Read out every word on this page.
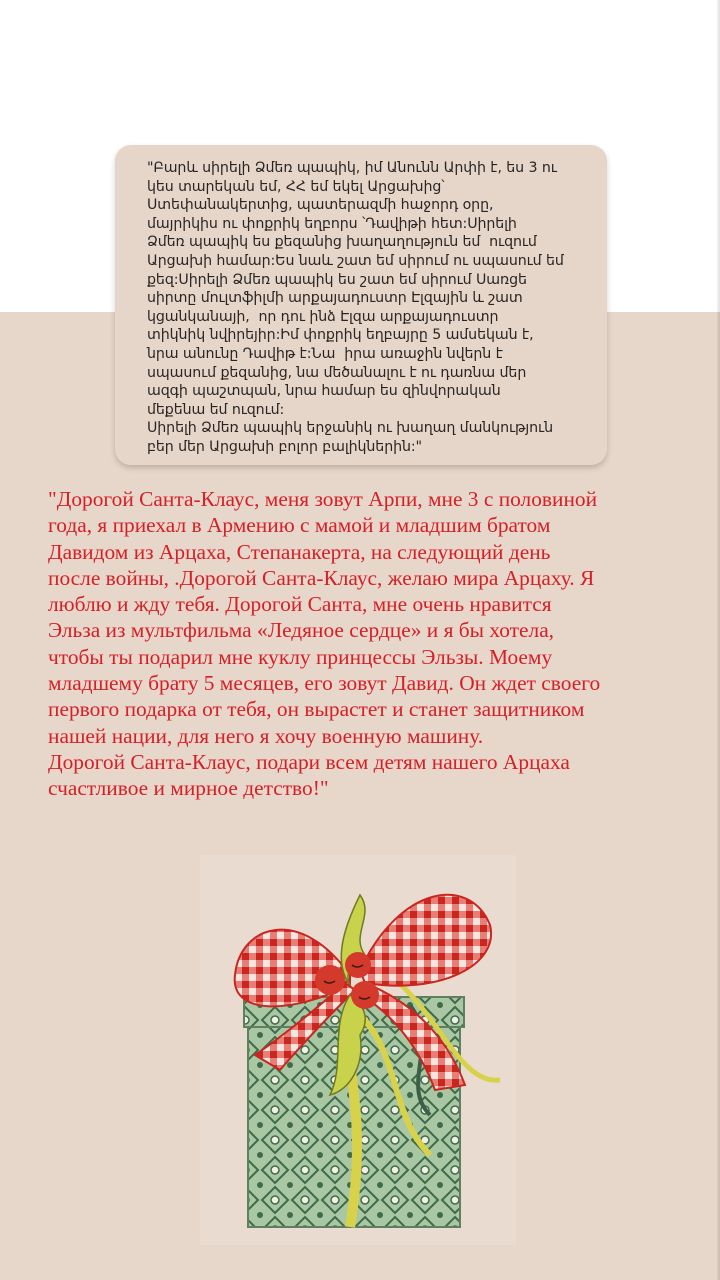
"Բարև սիրելի Ձմեռ պապիկ, իմ Անունն Արփի է, ես 3 ու
կես տարեկան եմ, ՀՀ եմ եկել Արցախից՝
Ստեփանակերտից, պատերազմի հաջորդ օրը,
մայրիկիս ու փոքրիկ եղբորս ՝Դավիթի հետ:Սիրելի
Ձմեռ պապիկ ես քեզանից խաղաղություն եմ  ուզում
Արցախի համար:Ես նաև շատ եմ սիրում ու սպասում եմ
քեզ:Սիրելի Ձմեռ պապիկ ես շատ եմ սիրում Սառցե
սիրտը մուլտֆիլմի արքայադուստր Էլզային և շատ
կցանկանայի,  որ դու ինձ Էլզա արքայադուստր
տիկնիկ նվիրեյիր:Իմ փոքրիկ եղբայրը 5 ամսեկան է,
նրա անունը Դավիթ է:Նա  իրա առաջին նվերն է
սպասում քեզանից, նա մեծանալու է ու դառնա մեր
ազգի պաշտպան, նրա համար ես զինվորական
մեքենա եմ ուզում:
Սիրելի Ձմեռ պապիկ երջանիկ ու խաղաղ մանկություն
բեր մեր Արցախի բոլոր բալիկներին:"
"Дорогой Санта-Клаус, меня зовут Арпи, мне 3 с половиной
года, я приехал в Армению с мамой и младшим братом
Давидом из Арцаха, Степанакерта, на следующий день
после войны, .Дорогой Санта-Клаус, желаю мира Арцаху. Я
люблю и жду тебя. Дорогой Санта, мне очень нравится
Эльза из мультфильма «Ледяное сердце» и я бы хотела,
чтобы ты подарил мне куклу принцессы Эльзы. Моему
младшему брату 5 месяцев, его зовут Давид. Он ждет своего
первого подарка от тебя, он вырастет и станет защитником
нашей нации, для него я хочу военную машину.
Дорогой Санта-Клаус, подари всем детям нашего Арцаха
счастливое и мирное детство!"
